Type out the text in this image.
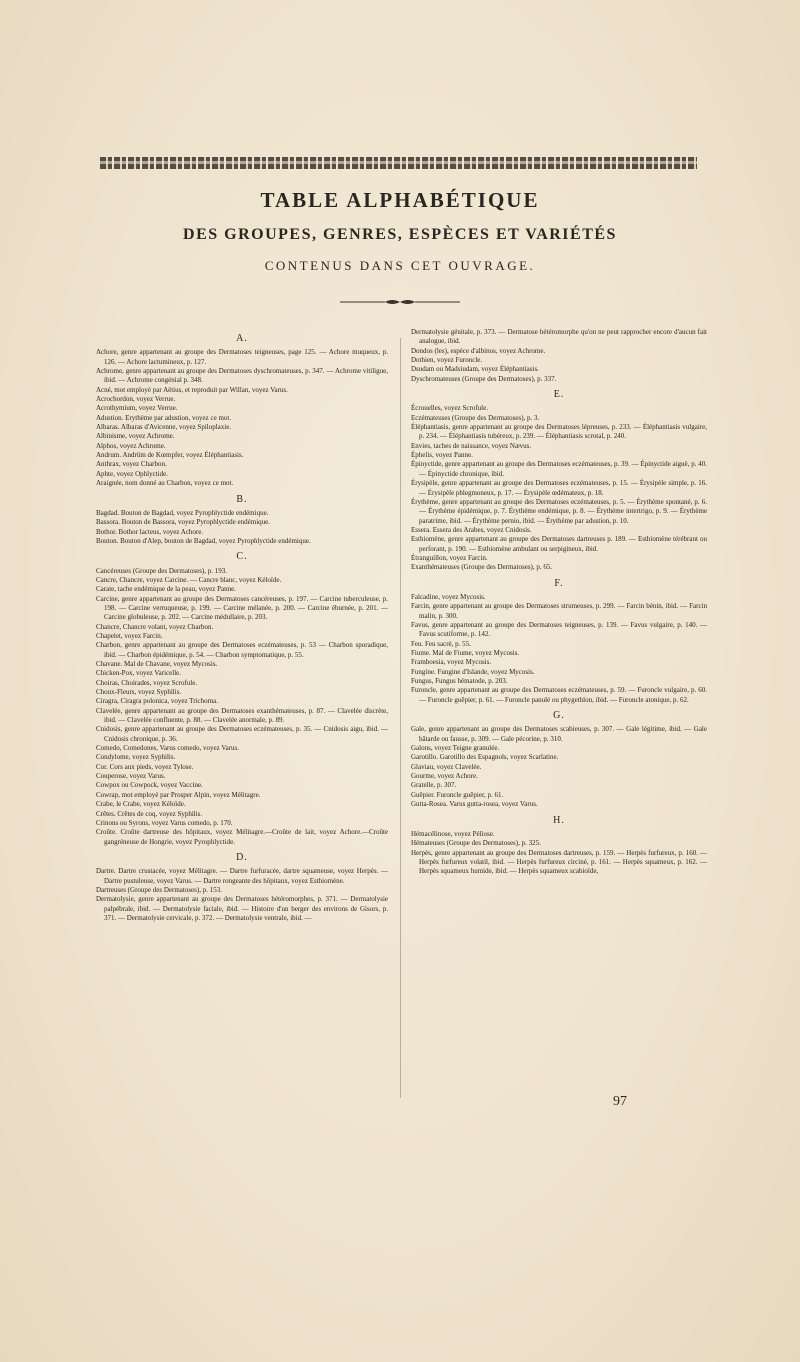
TABLE ALPHABÉTIQUE
DES GROUPES, GENRES, ESPÈCES ET VARIÉTÉS
CONTENUS DANS CET OUVRAGE.
A.

Achore, genre appartenant au groupe des Dermatoses teigneuses, page 125. — Achore muqueux, p. 126. — Achore lactumineux, p. 127.

Achrome, genre appartenant au groupe des Dermatoses dyschromateuses, p. 347. — Achrome vitiligue, ibid. — Achrome congénial p. 348.

Acné, mot employé par Aëtius, et reproduit par Willan, voyez Varus.

Acrochordon, voyez Verrue.

Acrothymium, voyez Verrue.

Adustion. Erythème par adustion, voyez ce mot.

Albaras. Albaras d'Avicenne, voyez Spiloplaxie.

Albinisme, voyez Achrome.

Alphos, voyez Achrome.

Andrum. Andrüm de Kœmpfer, voyez Éléphantiasis.

Anthrax, voyez Charbon.

Aphte, voyez Ophlyctide.

Araignée, nom donné au Charbon, voyez ce mot.

B.

Bagdad. Bouton de Bagdad, voyez Pyrophlyctide endémique.

Bassora. Bouton de Bassora, voyez Pyrophlyctide endémique.

Bothor. Bothor lacteus, voyez Achore.

Bouton. Bouton d'Alep, bouton de Bagdad, voyez Pyrophlyctide endémique.

C.

Cancéreuses (Groupe des Dermatoses), p. 193.

Cancre, Chancre, voyez Carcine. — Cancre blanc, voyez Kéloïde.

Carate, tache endémique de la peau, voyez Panne.

Carcine, genre appartenant au groupe des Dermatoses cancéreuses, p. 197. — Carcine tuberculeuse, p. 198. — Carcine verruqueuse, p. 199. — Carcine mélanée, p. 200. — Carcine éburnée, p. 201. — Carcine globuleuse, p. 202. — Carcine médullaire, p. 203.

Chancre, Chancre volant, voyez Charbon.

Chapelet, voyez Farcin.

Charbon, genre appartenant au groupe des Dermatoses eczémateuses, p. 53 — Charbon sporadique, ibid. — Charbon épidémique, p. 54. — Charbon symptomatique, p. 55.

Chavane. Mal de Chavane, voyez Mycosis.

Chicken-Pox, voyez Varicelle.

Choiras, Choirades, voyez Scrofule.

Choux-Fleurs, voyez Syphilis.

Ciragra, Ciragra polonica, voyez Trichoma.

Clavelée, genre appartenant au groupe des Dermatoses exanthémateuses, p. 87. — Clavelée discrète, ibid. — Clavelée confluente, p. 88. — Clavelée anormale, p. 89.

Cnidosis, genre appartenant au groupe des Dermatoses eczémateuses, p. 35. — Cnidosis aigu, ibid. — Cnidosis chronique, p. 36.

Comedo, Comedones, Varus comedo, voyez Varus.

Condylome, voyez Syphilis.

Cor. Cors aux pieds, voyez Tylose.

Couperose, voyez Varus.

Cowpox ou Cowpock, voyez Vaccine.

Cowrap, mot employé par Prosper Alpin, voyez Mélitagre.

Crabe, le Crabe, voyez Kéloïde.

Crêtes. Crêtes de coq, voyez Syphilis.

Crinons ou Syrons, voyez Varus comedo, p. 170.

Croûte. Croûte dartreuse des hôpitaux, voyez Mélitagre.—Croûte de lait, voyez Achore.—Croûte gangréneuse de Hongrie, voyez Pyrophlyctide.

D.

Dartre. Dartre crustacée, voyez Mélitagre. — Dartre furfuracée, dartre squameuse, voyez Herpès. — Dartre pustuleuse, voyez Varus. — Dartre rongeante des hôpitaux, voyez Esthiomène.

Dartreuses (Groupe des Dermatoses), p. 153.

Dermatolysie, genre appartenant au groupe des Dermatoses hétéromorphes, p. 371. — Dermatolysie palpébrale, ibid. — Dermatolysie faciale, ibid. — Histoire d'un berger des environs de Gisors, p. 371. — Dermatolysie cervicale, p. 372. — Dermatolysie ventrale, ibid. —

Dermatolysie génitale, p. 373. — Dermatose hétéromorphe qu'on ne peut rapprocher encore d'aucun fait analogue, ibid.

Dondos (les), espèce d'albinos, voyez Achrome.

Dothien, voyez Furoncle.

Dsudam ou Madsiudam, voyez Éléphantiasis.

Dyschromateuses (Groupe des Dermatoses), p. 337.

E.

Écrouelles, voyez Scrofule.

Eczémateuses (Groupe des Dermatoses), p. 3.

Éléphantiasis, genre appartenant au groupe des Dermatoses lépreuses, p. 233. — Éléphantiasis vulgaire, p. 234. — Éléphantiasis tubéreux, p. 239. — Éléphantiasis scrotal, p. 240.

Envies, taches de naissance, voyez Nævus.

Éphelis, voyez Panne.

Épinyctide, genre appartenant au groupe des Dermatoses eczémateuses, p. 39. — Épinyctide aiguë, p. 40. — Épinyctide chronique, ibid.

Érysipèle, genre appartenant au groupe des Dermatoses eczémateuses, p. 15. — Érysipèle simple, p. 16. — Érysipèle phlegmoneux, p. 17. — Érysipèle œdémateux, p. 18.

Érythème, genre appartenant au groupe des Dermatoses eczémateuses, p. 5. — Érythème spontané, p. 6. — Érythème épidémique, p. 7. Érythème endémique, p. 8. — Érythème intertrigo, p. 9. — Érythème paratrime, ibid. — Érythème pernio, ibid. — Érythème par adustion, p. 10.

Essera. Essera des Arabes, voyez Cnidosis.

Esthiomène, genre appartenant au groupe des Dermatoses dartreuses p. 189. — Esthiomène térébrant ou perforant, p. 190. — Esthiomène ambulant ou serpigineux, ibid.

Étranguillon, voyez Farcin.

Exanthémateuses (Groupe des Dermatoses), p. 65.

F.

Falcadine, voyez Mycosis.

Farcin, genre appartenant au groupe des Dermatoses strumeuses, p. 299. — Farcin bénin, ibid. — Farcin malin, p. 300.

Favus, genre appartenant au groupe des Dermatoses teigneuses, p. 139. — Favus vulgaire, p. 140. — Favus scutiforme, p. 142.

Feu. Feu sacré, p. 55.

Fiume. Mal de Fiume, voyez Mycosis.

Framboesia, voyez Mycosis.

Fungine. Fungine d'Islande, voyez Mycosis.

Fungus, Fungus hématode, p. 203.

Furoncle, genre appartenant au groupe des Dermatoses eczémateuses, p. 59. — Furoncle vulgaire, p. 60. — Furoncle guêpier, p. 61. — Furoncle panulé ou phygethlon, ibid. — Furoncle atonique, p. 62.

G.

Gale, genre appartenant au groupe des Dermatoses scabieuses, p. 307. — Gale légitime, ibid. — Gale bâtarde ou fausse, p. 309. — Gale pécorine, p. 310.

Galons, voyez Teigne granulée.

Garotillo. Garotillo des Espagnols, voyez Scarlatine.

Glaviau, voyez Clavelée.

Gourme, voyez Achore.

Gratelle, p. 307.

Guêpier. Furoncle guêpier, p. 61.

Gutta-Rosea. Varus gutta-rosea, voyez Varus.

H.

Hémacélinose, voyez Péliose.

Hémateuses (Groupe des Dermatoses), p. 325.

Herpès, genre appartenant au groupe des Dermatoses dartreuses, p. 159. — Herpès furfureux, p. 160. — Herpès furfureux volatil, ibid. — Herpès furfureux circiné, p. 161. — Herpès squameux, p. 162. — Herpès squameux humide, ibid. — Herpès squameux scabioïde,

97
